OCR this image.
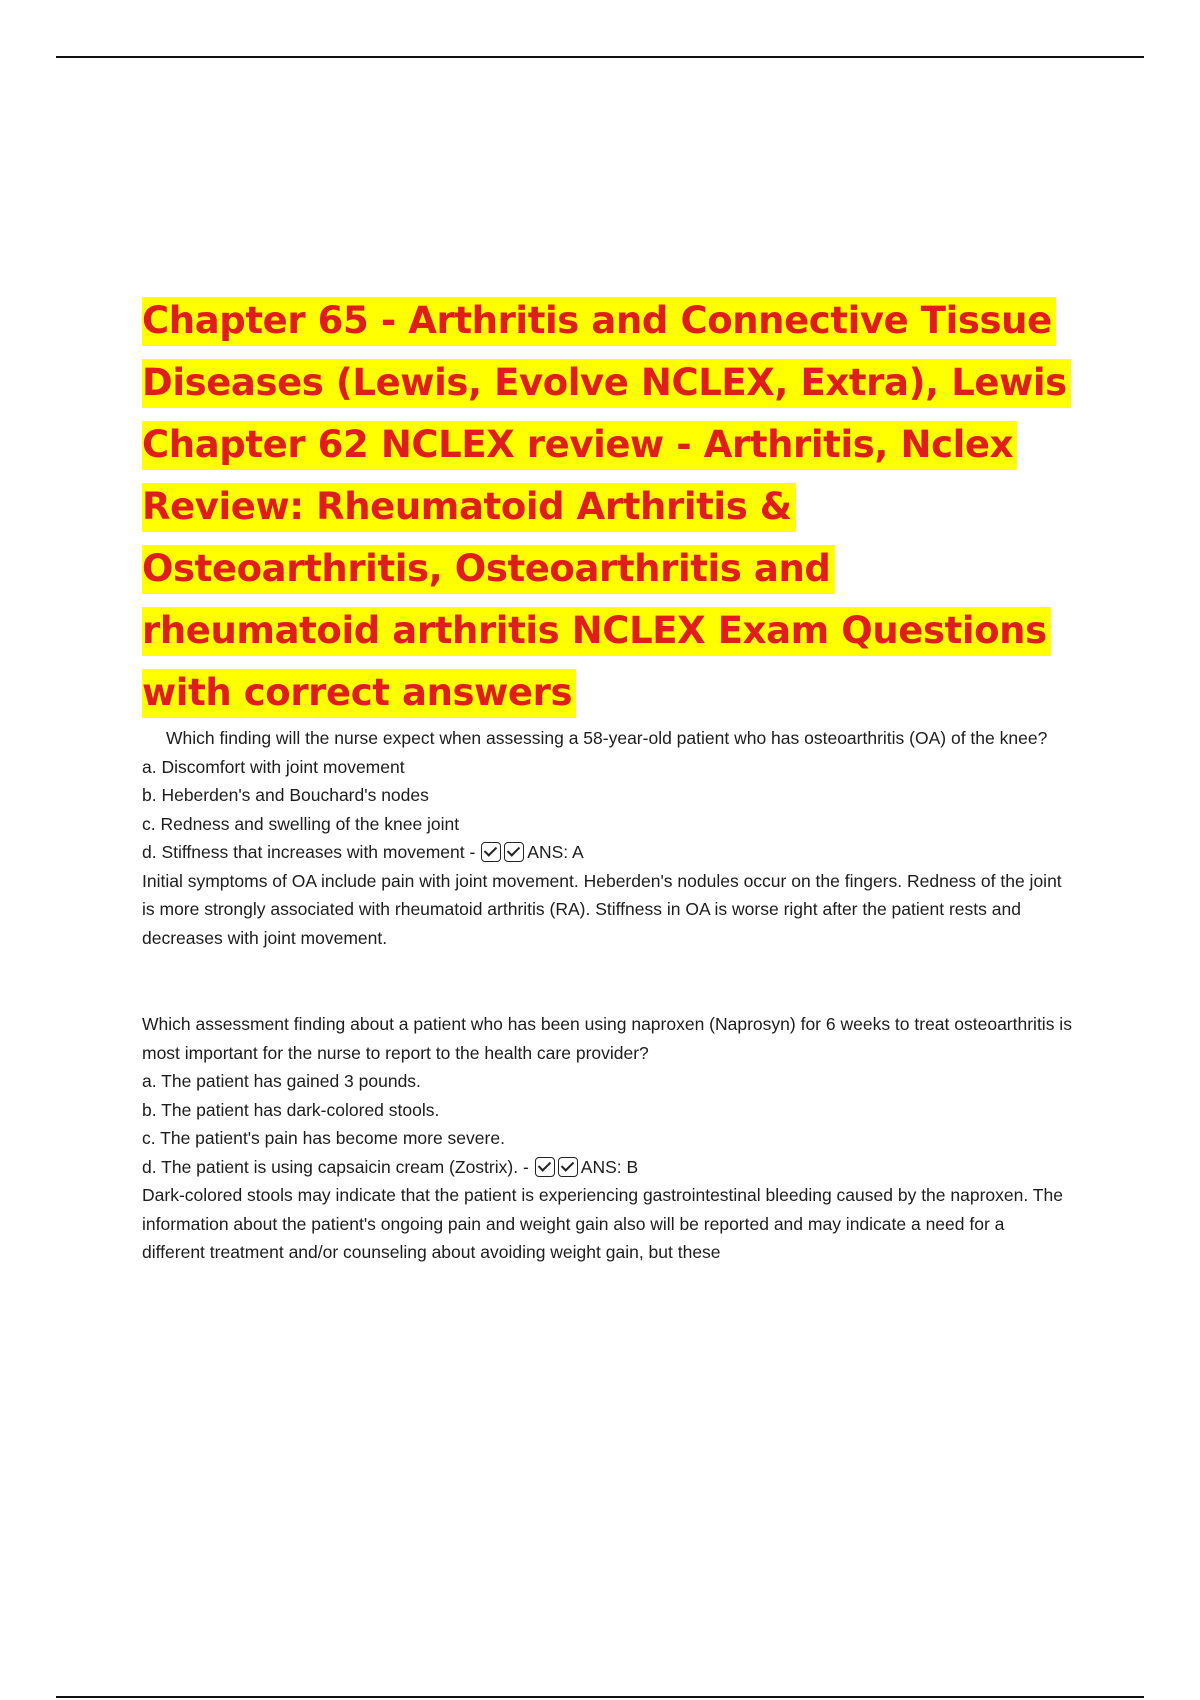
Chapter 65 - Arthritis and Connective Tissue Diseases (Lewis, Evolve NCLEX, Extra), Lewis Chapter 62 NCLEX review - Arthritis, Nclex Review: Rheumatoid Arthritis & Osteoarthritis, Osteoarthritis and rheumatoid arthritis NCLEX Exam Questions with correct answers

Which finding will the nurse expect when assessing a 58-year-old patient who has osteoarthritis (OA) of the knee?

a. Discomfort with joint movement

b. Heberden's and Bouchard's nodes

c. Redness and swelling of the knee joint

d. Stiffness that increases with movement -	ANS: A

Initial symptoms of OA include pain with joint movement. Heberden's nodules occur on the fingers. Redness of the joint is more strongly associated with rheumatoid arthritis (RA). Stiffness in OA is worse right after the patient rests and decreases with joint movement.

Which assessment finding about a patient who has been using naproxen (Naprosyn) for 6 weeks to treat osteoarthritis is most important for the nurse to report to the health care provider?

a. The patient has gained 3 pounds.

b. The patient has dark-colored stools.

c. The patient's pain has become more severe.

d. The patient is using capsaicin cream (Zostrix). -	ANS: B

Dark-colored stools may indicate that the patient is experiencing gastrointestinal bleeding caused by the naproxen. The information about the patient's ongoing pain and weight gain also will be reported and may indicate a need for a different treatment and/or counseling about avoiding weight gain, but these
